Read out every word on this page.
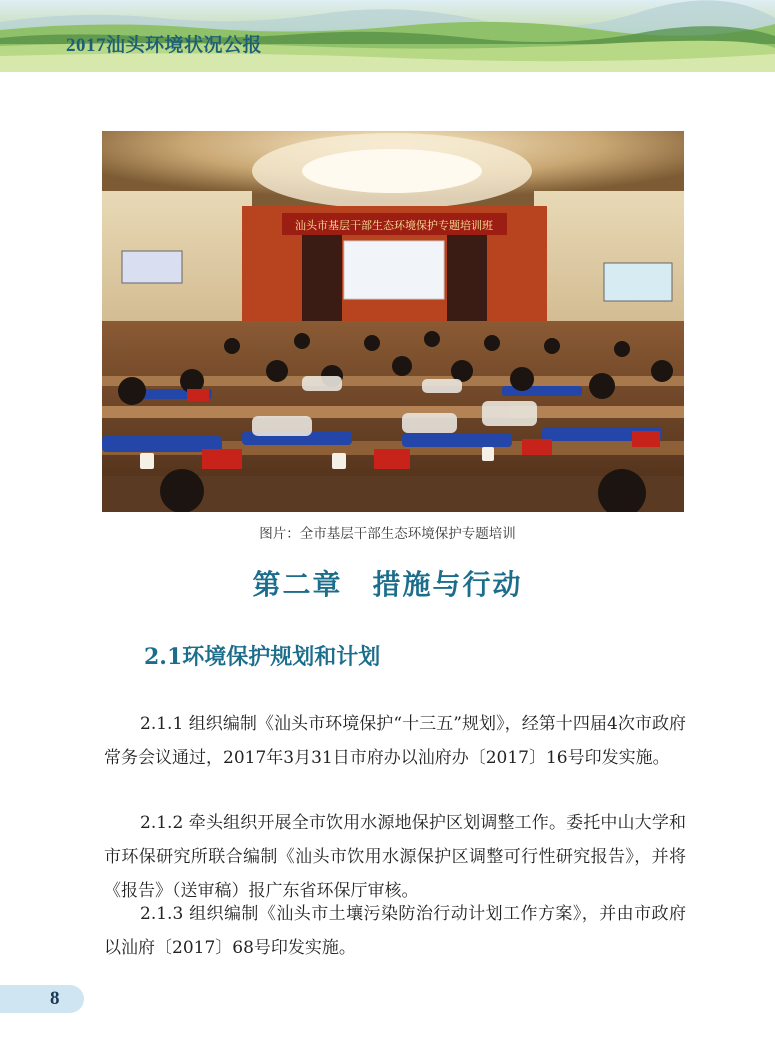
2017汕头环境状况公报
汕头市基层干部生态环境保护专题培训班
图片：全市基层干部生态环境保护专题培训
第二章　措施与行动
2.1环境保护规划和计划

2.1.1 组织编制《汕头市环境保护“十三五”规划》，经第十四届4次市政府常务会议通过，2017年3月31日市府办以汕府办〔2017〕16号印发实施。

2.1.2 牵头组织开展全市饮用水源地保护区划调整工作。委托中山大学和市环保研究所联合编制《汕头市饮用水源保护区调整可行性研究报告》，并将《报告》（送审稿）报广东省环保厅审核。

2.1.3 组织编制《汕头市土壤污染防治行动计划工作方案》，并由市政府以汕府〔2017〕68号印发实施。

8
